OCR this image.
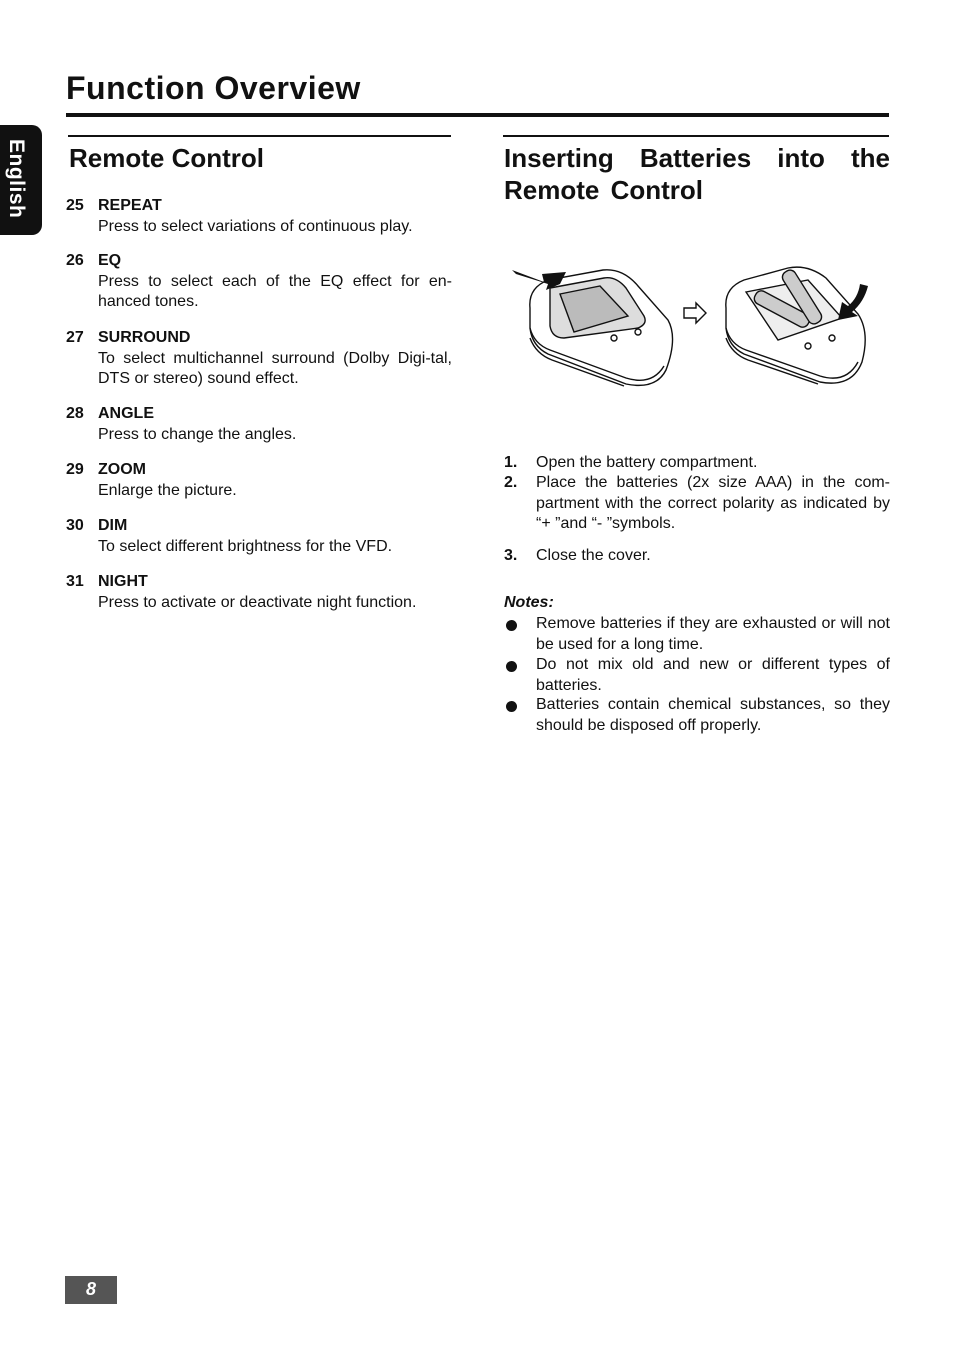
Function Overview
English Remote Control
25 REPEAT
Press to select variations of continuous play.
26 EQ
Press to select each of the EQ effect for en-hanced tones.
27 SURROUND
To select multichannel surround (Dolby Digi-tal, DTS or stereo) sound effect.
28 ANGLE
Press to change the angles.
29 ZOOM
Enlarge the picture.
30 DIM
To select different brightness for the VFD.
31 NIGHT
Press to activate or deactivate night function.
Inserting Batteries into the Remote Control
1. Open the battery compartment.
2. Place the batteries (2x size AAA) in the com-partment with the correct polarity as indicated by “+ ”and “- ”symbols.
3. Close the cover.
Notes:
Remove batteries if they are exhausted or will not be used for a long time.
Do not mix old and new or different types of batteries.
Batteries contain chemical substances, so they should be disposed off properly.
8
